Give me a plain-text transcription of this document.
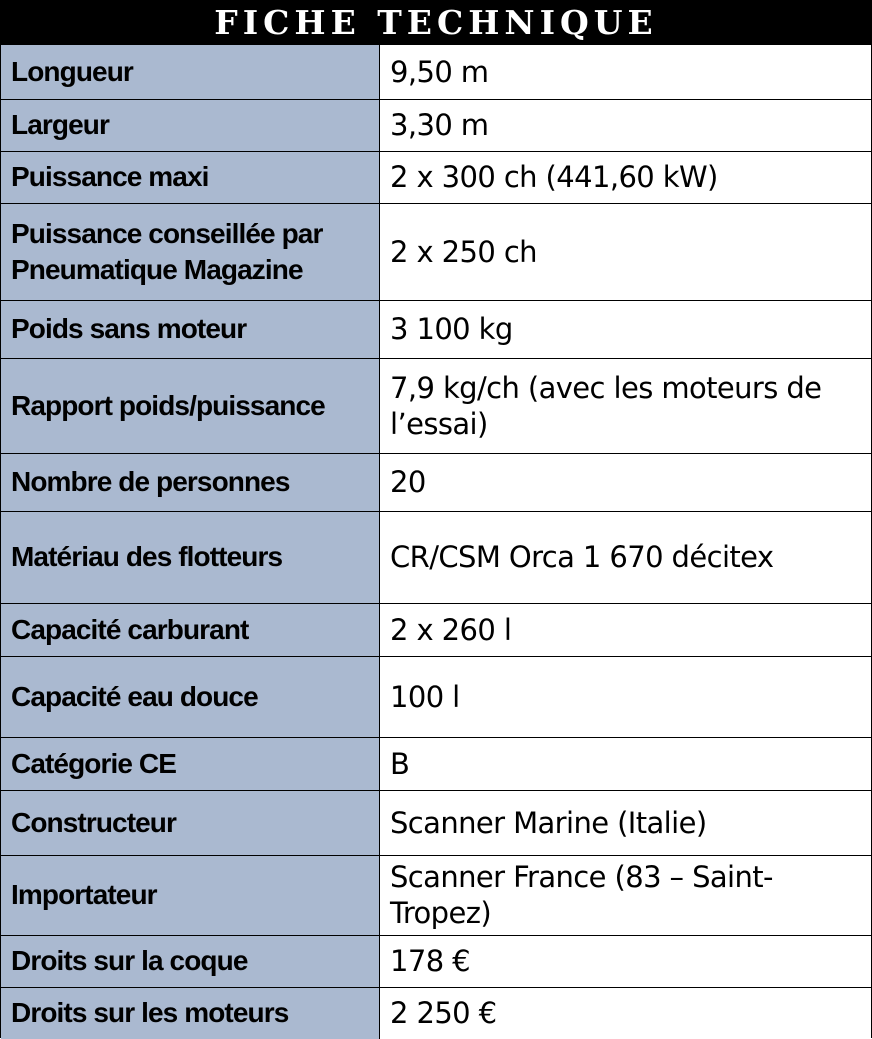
FICHE TECHNIQUE
Longueur	9,50 m
Largeur	3,30 m
Puissance maxi	2 x 300 ch (441,60 kW)
Puissance conseillée par Pneumatique Magazine	2 x 250 ch
Poids sans moteur	3 100 kg
Rapport poids/puissance	7,9 kg/ch (avec les moteurs de l’essai)
Nombre de personnes	20
Matériau des flotteurs	CR/CSM Orca 1 670 décitex
Capacité carburant	2 x 260 l
Capacité eau douce	100 l
Catégorie CE	B
Constructeur	Scanner Marine (Italie)
Importateur	Scanner France (83 – Saint-Tropez)
Droits sur la coque	178 €
Droits sur les moteurs	2 250 €
